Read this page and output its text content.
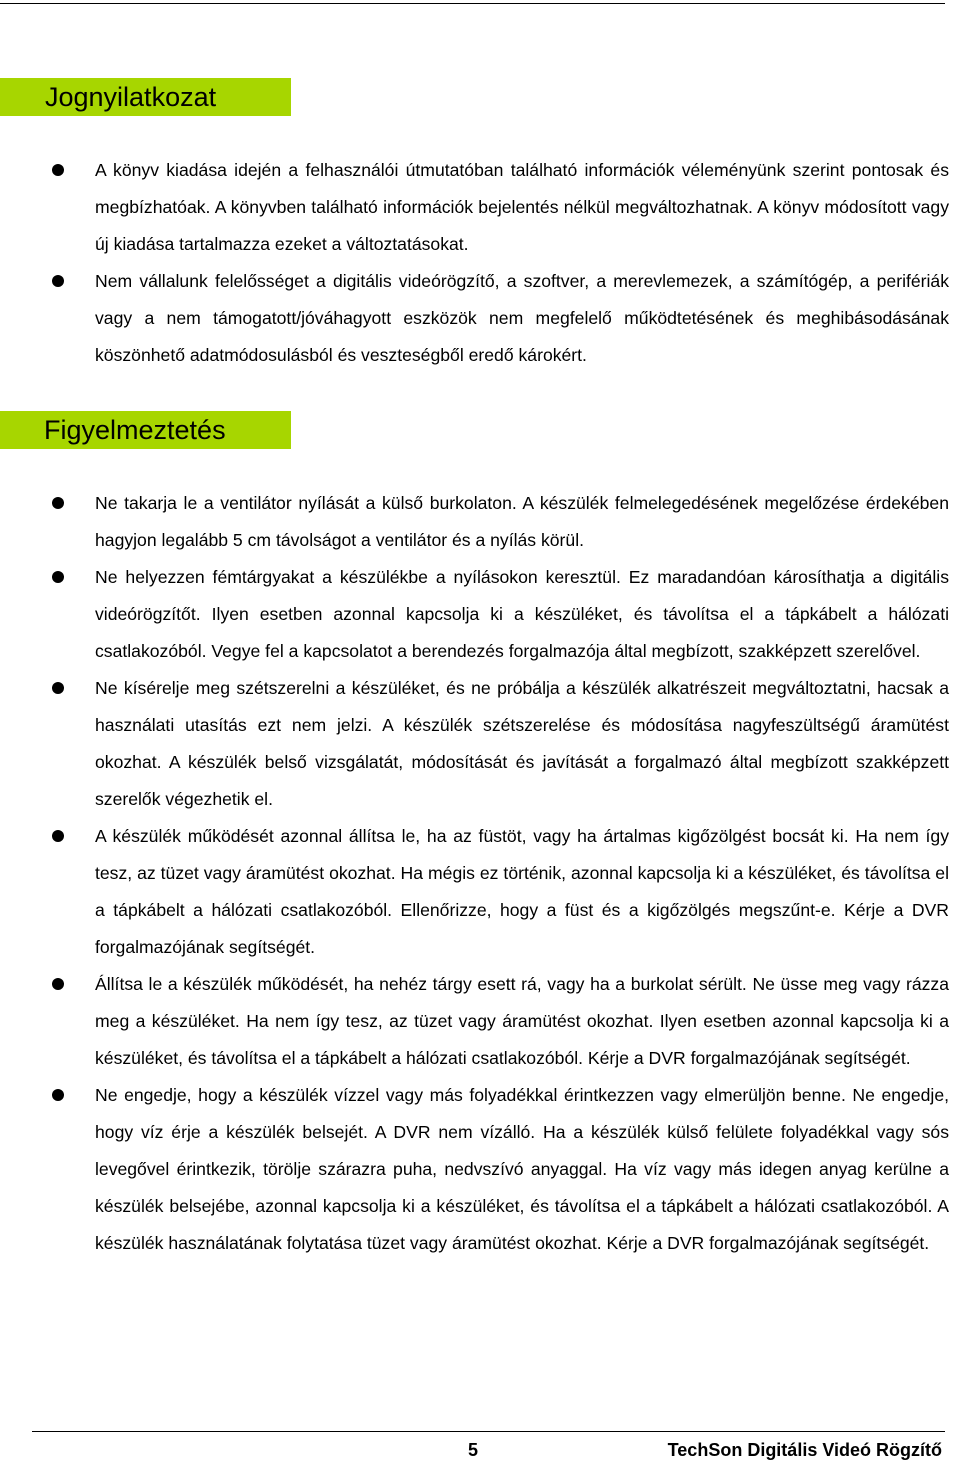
Jognyilatkozat
A könyv kiadása idején a felhasználói útmutatóban található információk véleményünk szerint pontosak és megbízhatóak. A könyvben található információk bejelentés nélkül megváltozhatnak. A könyv módosított vagy új kiadása tartalmazza ezeket a változtatásokat.
Nem vállalunk felelősséget a digitális videórögzítő, a szoftver, a merevlemezek, a számítógép, a perifériák vagy a nem támogatott/jóváhagyott eszközök nem megfelelő működtetésének és meghibásodásának köszönhető adatmódosulásból és veszteségből eredő károkért.
Figyelmeztetés
Ne takarja le a ventilátor nyílását a külső burkolaton. A készülék felmelegedésének megelőzése érdekében hagyjon legalább 5 cm távolságot a ventilátor és a nyílás körül.
Ne helyezzen fémtárgyakat a készülékbe a nyílásokon keresztül. Ez maradandóan károsíthatja a digitális videórögzítőt. Ilyen esetben azonnal kapcsolja ki a készüléket, és távolítsa el a tápkábelt a hálózati csatlakozóból. Vegye fel a kapcsolatot a berendezés forgalmazója által megbízott, szakképzett szerelővel.
Ne kísérelje meg szétszerelni a készüléket, és ne próbálja a készülék alkatrészeit megváltoztatni, hacsak a használati utasítás ezt nem jelzi. A készülék szétszerelése és módosítása nagyfeszültségű áramütést okozhat. A készülék belső vizsgálatát, módosítását és javítását a forgalmazó által megbízott szakképzett szerelők végezhetik el.
A készülék működését azonnal állítsa le, ha az füstöt, vagy ha ártalmas kigőzölgést bocsát ki. Ha nem így tesz, az tüzet vagy áramütést okozhat. Ha mégis ez történik, azonnal kapcsolja ki a készüléket, és távolítsa el a tápkábelt a hálózati csatlakozóból. Ellenőrizze, hogy a füst és a kigőzölgés megszűnt-e. Kérje a DVR forgalmazójának segítségét.
Állítsa le a készülék működését, ha nehéz tárgy esett rá, vagy ha a burkolat sérült. Ne üsse meg vagy rázza meg a készüléket. Ha nem így tesz, az tüzet vagy áramütést okozhat. Ilyen esetben azonnal kapcsolja ki a készüléket, és távolítsa el a tápkábelt a hálózati csatlakozóból. Kérje a DVR forgalmazójának segítségét.
Ne engedje, hogy a készülék vízzel vagy más folyadékkal érintkezzen vagy elmerüljön benne. Ne engedje, hogy víz érje a készülék belsejét. A DVR nem vízálló. Ha a készülék külső felülete folyadékkal vagy sós levegővel érintkezik, törölje szárazra puha, nedvszívó anyaggal. Ha víz vagy más idegen anyag kerülne a készülék belsejébe, azonnal kapcsolja ki a készüléket, és távolítsa el a tápkábelt a hálózati csatlakozóból. A készülék használatának folytatása tüzet vagy áramütést okozhat. Kérje a DVR forgalmazójának segítségét.
5	TechSon Digitális Videó Rögzítő
